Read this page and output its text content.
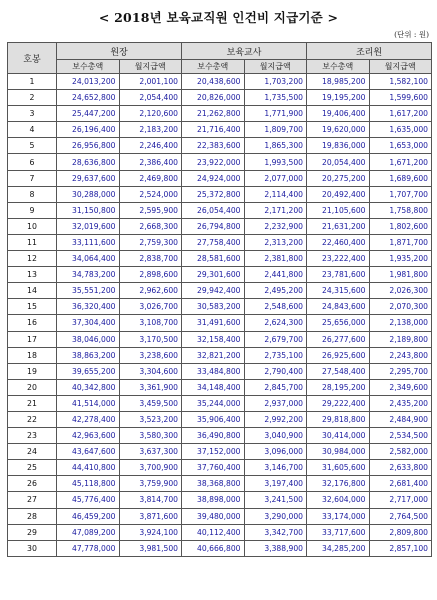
< 2018년 보육교직원 인건비 지급기준 >
(단위 : 원)
호봉	원장		보육교사		조리원	
	보수총액	월지급액	보수총액	월지급액	보수총액	월지급액
1	24,013,200	2,001,100	20,438,600	1,703,200	18,985,200	1,582,100
2	24,652,800	2,054,400	20,826,000	1,735,500	19,195,200	1,599,600
3	25,447,200	2,120,600	21,262,800	1,771,900	19,406,400	1,617,200
4	26,196,400	2,183,200	21,716,400	1,809,700	19,620,000	1,635,000
5	26,956,800	2,246,400	22,383,600	1,865,300	19,836,000	1,653,000
6	28,636,800	2,386,400	23,922,000	1,993,500	20,054,400	1,671,200
7	29,637,600	2,469,800	24,924,000	2,077,000	20,275,200	1,689,600
8	30,288,000	2,524,000	25,372,800	2,114,400	20,492,400	1,707,700
9	31,150,800	2,595,900	26,054,400	2,171,200	21,105,600	1,758,800
10	32,019,600	2,668,300	26,794,800	2,232,900	21,631,200	1,802,600
11	33,111,600	2,759,300	27,758,400	2,313,200	22,460,400	1,871,700
12	34,064,400	2,838,700	28,581,600	2,381,800	23,222,400	1,935,200
13	34,783,200	2,898,600	29,301,600	2,441,800	23,781,600	1,981,800
14	35,551,200	2,962,600	29,942,400	2,495,200	24,315,600	2,026,300
15	36,320,400	3,026,700	30,583,200	2,548,600	24,843,600	2,070,300
16	37,304,400	3,108,700	31,491,600	2,624,300	25,656,000	2,138,000
17	38,046,000	3,170,500	32,158,400	2,679,700	26,277,600	2,189,800
18	38,863,200	3,238,600	32,821,200	2,735,100	26,925,600	2,243,800
19	39,655,200	3,304,600	33,484,800	2,790,400	27,548,400	2,295,700
20	40,342,800	3,361,900	34,148,400	2,845,700	28,195,200	2,349,600
21	41,514,000	3,459,500	35,244,000	2,937,000	29,222,400	2,435,200
22	42,278,400	3,523,200	35,906,400	2,992,200	29,818,800	2,484,900
23	42,963,600	3,580,300	36,490,800	3,040,900	30,414,000	2,534,500
24	43,647,600	3,637,300	37,152,000	3,096,000	30,984,000	2,582,000
25	44,410,800	3,700,900	37,760,400	3,146,700	31,605,600	2,633,800
26	45,118,800	3,759,900	38,368,800	3,197,400	32,176,800	2,681,400
27	45,776,400	3,814,700	38,898,000	3,241,500	32,604,000	2,717,000
28	46,459,200	3,871,600	39,480,000	3,290,000	33,174,000	2,764,500
29	47,089,200	3,924,100	40,112,400	3,342,700	33,717,600	2,809,800
30	47,778,000	3,981,500	40,666,800	3,388,900	34,285,200	2,857,100
